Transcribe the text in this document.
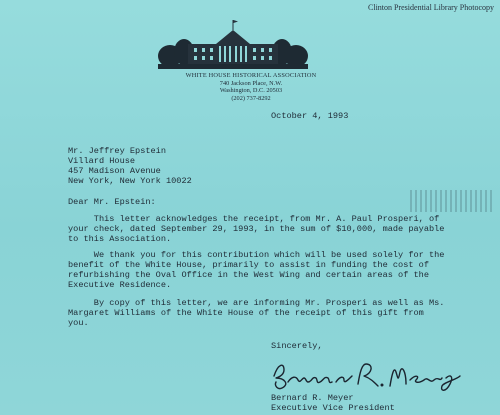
Clinton Presidential Library Photocopy
WHITE HOUSE HISTORICAL ASSOCIATION
740 Jackson Place, N.W.
Washington, D.C. 20503
(202) 737-8292
October 4, 1993
Mr. Jeffrey Epstein
Villard House
457 Madison Avenue
New York, New York 10022
Dear Mr. Epstein:
This letter acknowledges the receipt, from Mr. A. Paul Prosperi, of
your check, dated September 29, 1993, in the sum of $10,000, made payable
to this Association.
We thank you for this contribution which will be used solely for the
benefit of the White House, primarily to assist in funding the cost of
refurbishing the Oval Office in the West Wing and certain areas of the
Executive Residence.
By copy of this letter, we are informing Mr. Prosperi as well as Ms.
Margaret Williams of the White House of the receipt of this gift from
you.
Sincerely,
Bernard R. Meyer
Executive Vice President
